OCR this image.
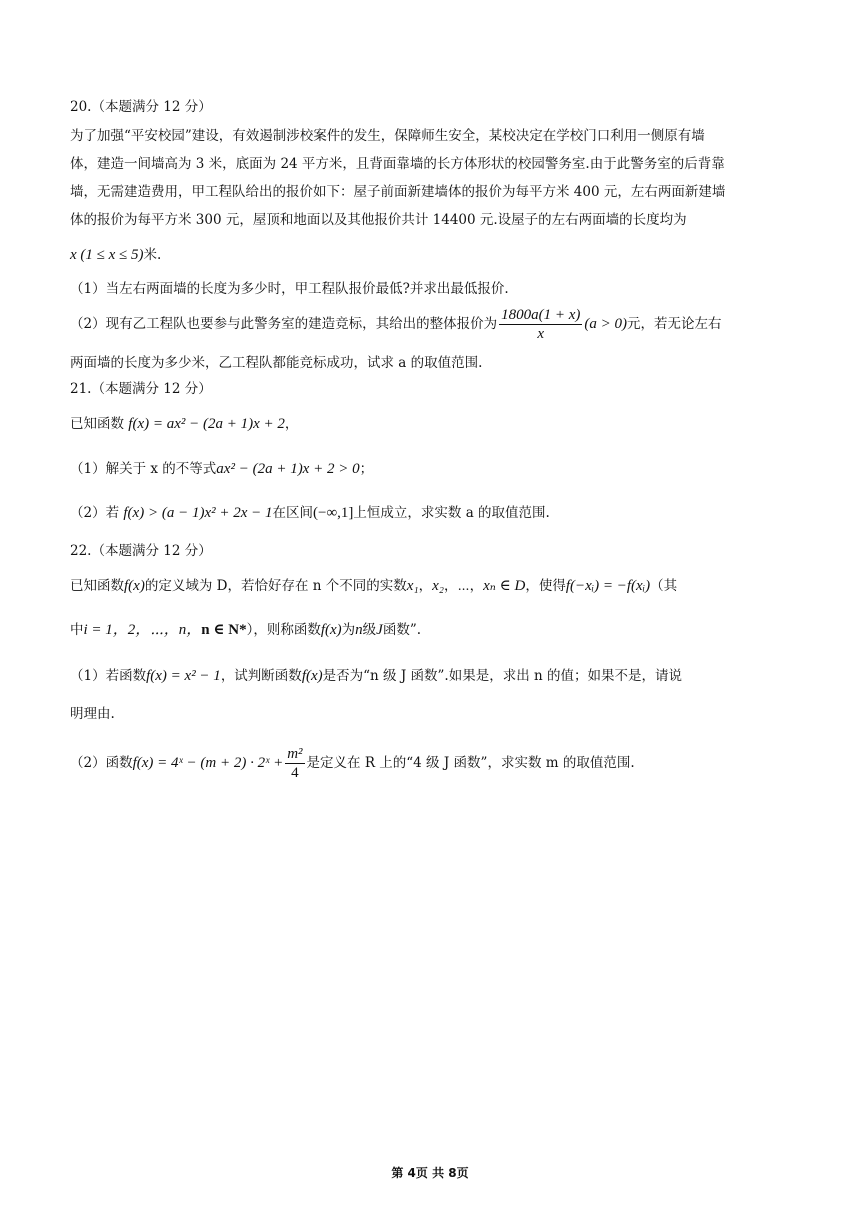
20.（本题满分 12 分）

为了加强“平安校园”建设，有效遏制涉校案件的发生，保障师生安全，某校决定在学校门口利用一侧原有墙

体，建造一间墙高为 3 米，底面为 24 平方米，且背面靠墙的长方体形状的校园警务室.由于此警务室的后背靠

墙，无需建造费用，甲工程队给出的报价如下：屋子前面新建墙体的报价为每平方米 400 元，左右两面新建墙

体的报价为每平方米 300 元，屋顶和地面以及其他报价共计 14400 元.设屋子的左右两面墙的长度均为

x (1 ≤ x ≤ 5)米.

（1）当左右两面墙的长度为多少时，甲工程队报价最低?并求出最低报价.

（2）现有乙工程队也要参与此警务室的建造竞标，其给出的整体报价为 $\frac{1800a(1 + x)}{x} (a > 0)$元，若无论左右

两面墙的长度为多少米，乙工程队都能竞标成功，试求 a 的取值范围.

21.（本题满分 12 分）

已知函数 f(x) = ax² − (2a + 1)x + 2，

（1）解关于 x 的不等式ax² − (2a + 1)x + 2 > 0；

（2）若 f(x) > (a − 1)x² + 2x − 1在区间(−∞,1]上恒成立，求实数 a 的取值范围.

22.（本题满分 12 分）

已知函数f(x)的定义域为 D，若恰好存在 n 个不同的实数x₁，x₂，⋯，xₙ ∈ D，使得f(−xᵢ) = −f(xᵢ)（其

中i = 1，2，⋯，n，n ∈ N*），则称函数f(x)为n级J函数”.

（1）若函数f(x) = x² − 1，试判断函数f(x)是否为“n 级 J 函数”.如果是，求出 n 的值；如果不是，请说

明理由.

（2）函数f(x) = 4ˣ − (m + 2) · 2ˣ + $\frac{\text{m²}}{4}$ 是定义在 R 上的“4 级 J 函数”，求实数 m 的取值范围.

第 4页 共 8页
